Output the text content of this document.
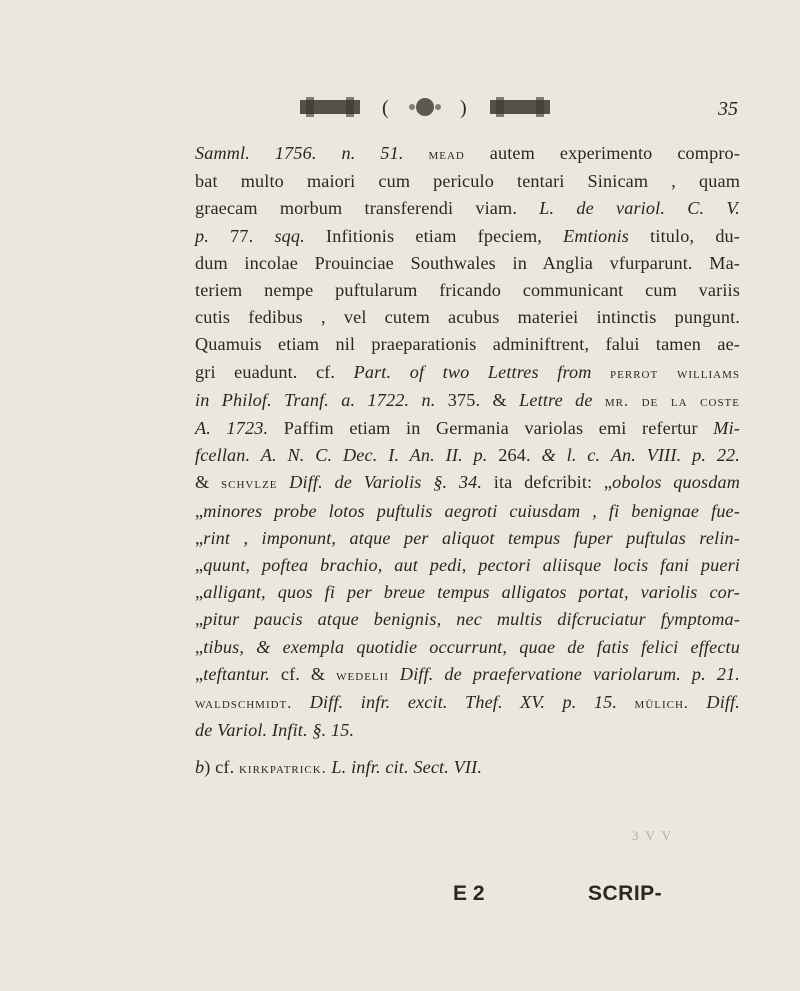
(	)	35
Samml. 1756. n. 51. mead autem experimento compro-
bat multo maiori cum periculo tentari Sinicam , quam
graecam morbum transferendi viam. L. de variol. C. V.
p. 77. sqq. Infitionis etiam fpeciem, Emtionis titulo, du-
dum incolae Prouinciae Southwales in Anglia vfurparunt. Ma-
teriem nempe puftularum fricando communicant cum variis
cutis fedibus , vel cutem acubus materiei intinctis pungunt.
Quamuis etiam nil praeparationis adminiftrent, falui tamen ae-
gri euadunt. cf. Part. of two Lettres from perrot williams
in Philof. Tranf. a. 1722. n. 375. & Lettre de mr. de la coste
A. 1723. Paffim etiam in Germania variolas emi refertur Mi-
fcellan. A. N. C. Dec. I. An. II. p. 264. & l. c. An. VIII. p. 22.
& schvlze Diff. de Variolis §. 34. ita defcribit: „obolos quosdam
„minores probe lotos puftulis aegroti cuiusdam , fi benignae fue-
„rint , imponunt, atque per aliquot tempus fuper puftulas relin-
„quunt, poftea brachio, aut pedi, pectori aliisque locis fani pueri
„alligant, quos fi per breue tempus alligatos portat, variolis cor-
„pitur paucis atque benignis, nec multis difcruciatur fymptoma-
„tibus, & exempla quotidie occurrunt, quae de fatis felici effectu
„teftantur. cf. & wedelii Diff. de praefervatione variolarum. p. 21.
waldschmidt. Diff. infr. excit. Thef. XV. p. 15. mülich. Diff.
de Variol. Infit. §. 15.
b) cf. kirkpatrick. L. infr. cit. Sect. VII.
3 V V
E 2	SCRIP-
